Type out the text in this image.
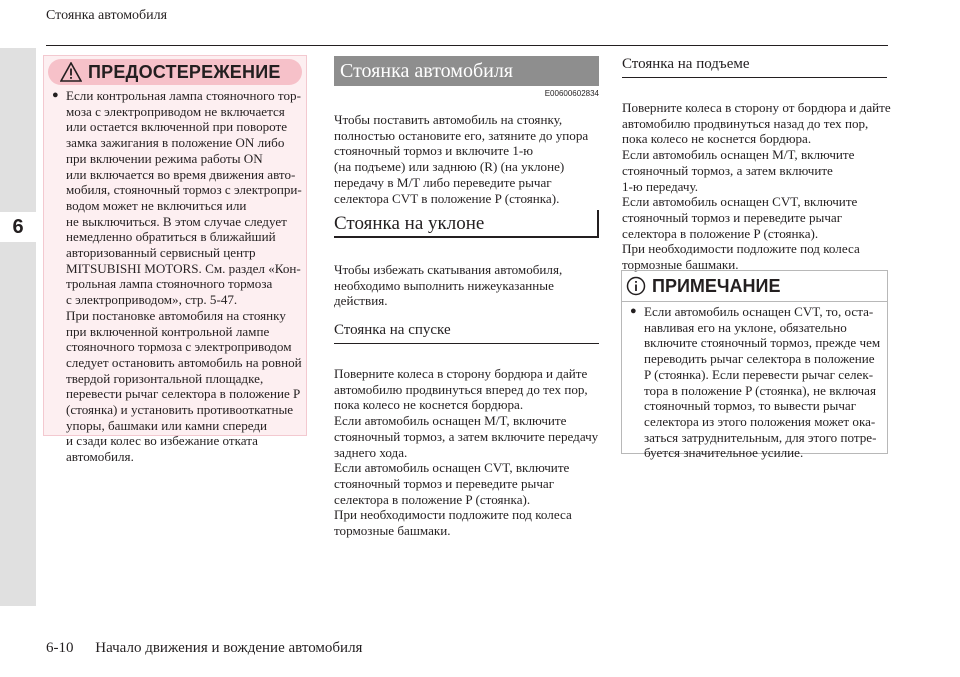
Стоянка автомобиля
6
ПРЕДОСТЕРЕЖЕНИЕ
● Если контрольная лампа стояночного тор-
моза с электроприводом не включается
или остается включенной при повороте
замка зажигания в положение ON либо
при включении режима работы ON
или включается во время движения авто-
мобиля, стояночный тормоз с электропри-
водом может не включиться или
не выключиться. В этом случае следует
немедленно обратиться в ближайший
авторизованный сервисный центр
MITSUBISHI MOTORS. См. раздел «Кон-
трольная лампа стояночного тормоза
с электроприводом», стр. 5-47.
При постановке автомобиля на стоянку
при включенной контрольной лампе
стояночного тормоза с электроприводом
следует остановить автомобиль на ровной
твердой горизонтальной площадке,
перевести рычаг селектора в положение P
(стоянка) и установить противооткатные
упоры, башмаки или камни спереди
и сзади колес во избежание отката
автомобиля.
Стоянка автомобиля
E00600602834
Чтобы поставить автомобиль на стоянку,
полностью остановите его, затяните до упора
стояночный тормоз и включите 1-ю
(на подъеме) или заднюю (R) (на уклоне)
передачу в M/T либо переведите рычаг
селектора CVT в положение P (стоянка).
Стоянка на уклоне
Чтобы избежать скатывания автомобиля,
необходимо выполнить нижеуказанные
действия.
Стоянка на спуске
Поверните колеса в сторону бордюра и дайте
автомобилю продвинуться вперед до тех пор,
пока колесо не коснется бордюра.
Если автомобиль оснащен M/T, включите
стояночный тормоз, а затем включите передачу
заднего хода.
Если автомобиль оснащен CVT, включите
стояночный тормоз и переведите рычаг
селектора в положение P (стоянка).
При необходимости подложите под колеса
тормозные башмаки.
Стоянка на подъеме
Поверните колеса в сторону от бордюра и дайте
автомобилю продвинуться назад до тех пор,
пока колесо не коснется бордюра.
Если автомобиль оснащен M/T, включите
стояночный тормоз, а затем включите
1-ю передачу.
Если автомобиль оснащен CVT, включите
стояночный тормоз и переведите рычаг
селектора в положение P (стоянка).
При необходимости подложите под колеса
тормозные башмаки.
ПРИМЕЧАНИЕ
● Если автомобиль оснащен CVT, то, оста-
навливая его на уклоне, обязательно
включите стояночный тормоз, прежде чем
переводить рычаг селектора в положение
P (стоянка). Если перевести рычаг селек-
тора в положение P (стоянка), не включая
стояночный тормоз, то вывести рычаг
селектора из этого положения может ока-
заться затруднительным, для этого потре-
буется значительное усилие.
6-10 Начало движения и вождение автомобиля
